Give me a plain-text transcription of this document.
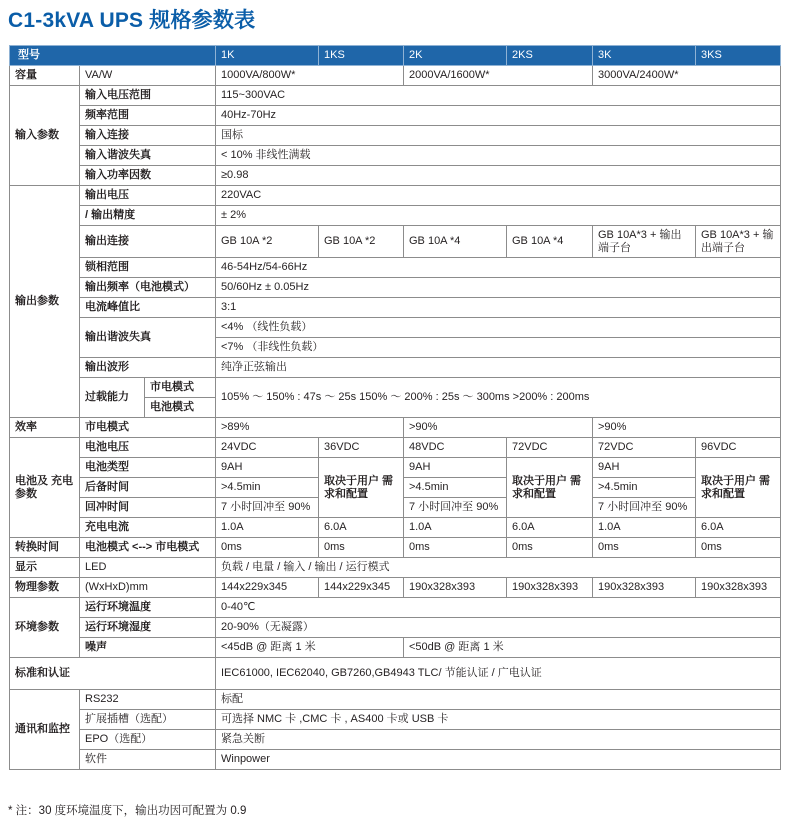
C1-3kVA UPS 规格参数表
型号			1K	1KS	2K	2KS	3K	3KS
容量	VA/W		1000VA/800W*		2000VA/1600W*		3000VA/2400W*	
输入参数	输入电压范围		115~300VAC					
	频率范围		40Hz-70Hz					
	输入连接		国标					
	输入谐波失真		< 10% 非线性满载					
	输入功率因数		≥0.98					
输出参数	输出电压		220VAC					
	/ 输出精度		± 2%					
	输出连接		GB 10A *2	GB 10A *2	GB 10A *4	GB 10A *4	GB 10A*3 + 输出端子台	GB 10A*3 + 输出端子台
	锁相范围		46-54Hz/54-66Hz					
	输出频率（电池模式）		50/60Hz ± 0.05Hz					
	电流峰值比		3:1					
	输出谐波失真		<4% （线性负载）					
			<7% （非线性负载）					
	输出波形		纯净正弦输出					
	过载能力	市电模式	105% ～ 150% : 47s ～ 25s 150% ～ 200% : 25s ～ 300ms >200% : 200ms					
		电池模式						
效率	市电模式		>89%		>90%		>90%	
电池及 充电参数	电池电压		24VDC	36VDC	48VDC	72VDC	72VDC	96VDC
	电池类型		9AH	取决于用户 需求和配置	9AH	取决于用户 需求和配置	9AH	取决于用户 需求和配置
	后备时间		>4.5min		>4.5min		>4.5min	
	回冲时间		7 小时回冲至 90%		7 小时回冲至 90%		7 小时回冲至 90%	
	充电电流		1.0A	6.0A	1.0A	6.0A	1.0A	6.0A
转换时间	电池模式 <--> 市电模式		0ms	0ms	0ms	0ms	0ms	0ms
显示	LED		负载 / 电量 / 输入 / 输出 / 运行模式					
物理参数	(WxHxD)mm		144x229x345	144x229x345	190x328x393	190x328x393	190x328x393	190x328x393
环境参数	运行环境温度		0-40℃					
	运行环境湿度		20-90%（无凝露）					
	噪声		<45dB @ 距离 1 米		<50dB @ 距离 1 米			
标准和认证			IEC61000, IEC62040, GB7260,GB4943 TLC/ 节能认证 / 广电认证					
通讯和监控	RS232		标配					
	扩展插槽（选配）		可选择 NMC 卡 ,CMC 卡 , AS400 卡或 USB 卡					
	EPO（选配）		紧急关断					
	软件		Winpower					
* 注：30 度环境温度下，输出功因可配置为 0.9
